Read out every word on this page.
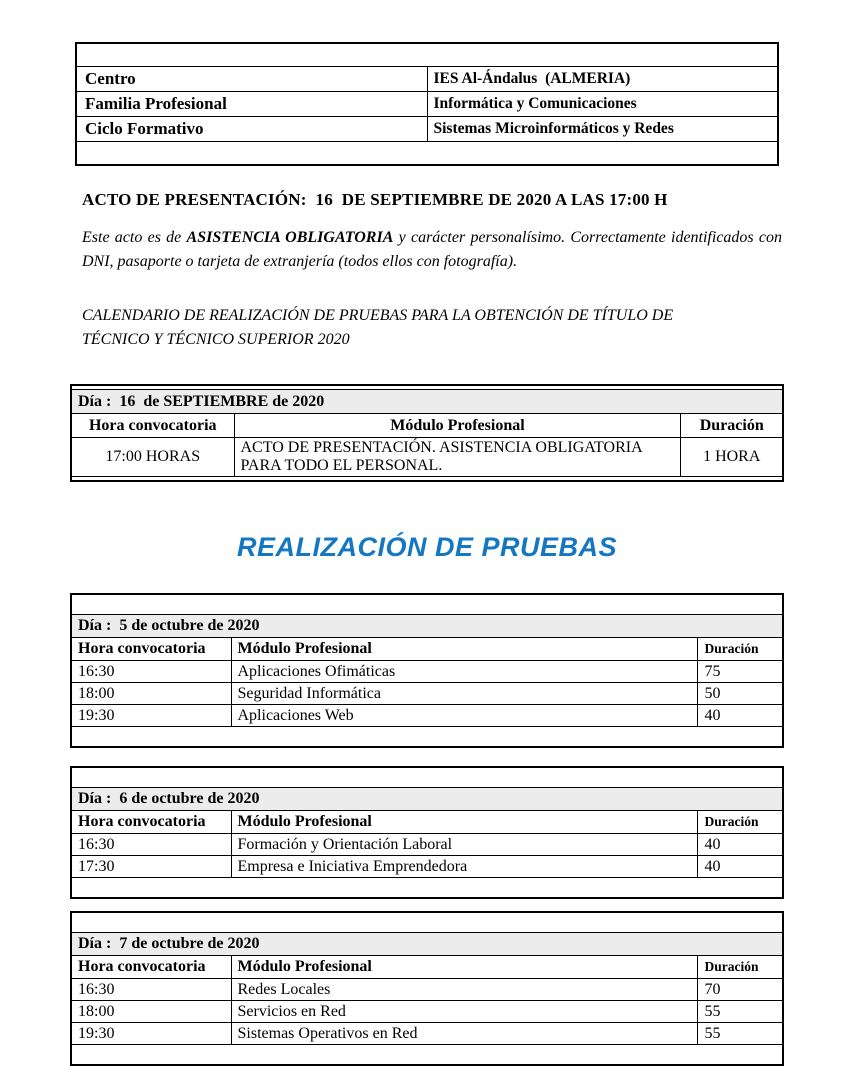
Centro	IES Al-Ándalus  (ALMERIA)
Familia Profesional	Informática y Comunicaciones
Ciclo Formativo	Sistemas Microinformáticos y Redes

ACTO DE PRESENTACIÓN:  16  DE SEPTIEMBRE DE 2020 A LAS 17:00 H

Este acto es de ASISTENCIA OBLIGATORIA y carácter personalísimo. Correctamente identificados con DNI, pasaporte o tarjeta de extranjería (todos ellos con fotografía).

CALENDARIO DE REALIZACIÓN DE PRUEBAS PARA LA OBTENCIÓN DE TÍTULO DE TÉCNICO Y TÉCNICO SUPERIOR 2020

Día :  16  de SEPTIEMBRE de 2020		
Hora convocatoria	Módulo Profesional	Duración
17:00 HORAS	ACTO DE PRESENTACIÓN. ASISTENCIA OBLIGATORIA PARA TODO EL PERSONAL.	1 HORA

REALIZACIÓN DE PRUEBAS

Día :  5 de octubre de 2020		
Hora convocatoria	Módulo Profesional	Duración
16:30	Aplicaciones Ofimáticas	75
18:00	Seguridad Informática	50
19:30	Aplicaciones Web	40

Día :  6 de octubre de 2020		
Hora convocatoria	Módulo Profesional	Duración
16:30	Formación y Orientación Laboral	40
17:30	Empresa e Iniciativa Emprendedora	40

Día :  7 de octubre de 2020		
Hora convocatoria	Módulo Profesional	Duración
16:30	Redes Locales	70
18:00	Servicios en Red	55
19:30	Sistemas Operativos en Red	55
